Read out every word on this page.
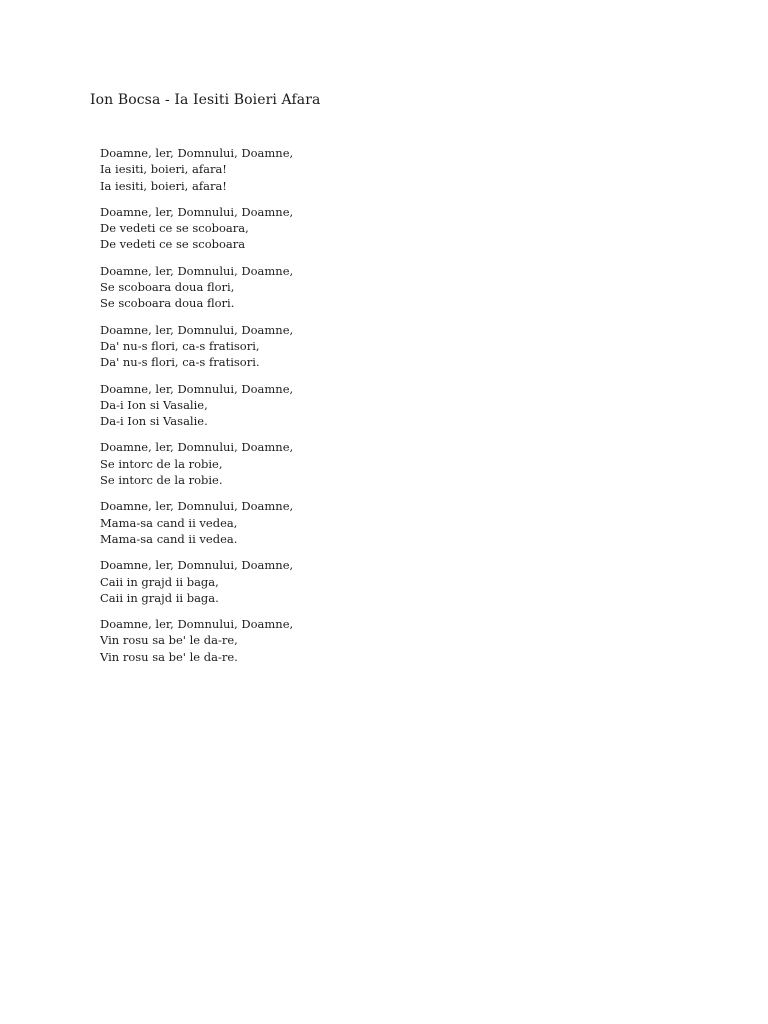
Ion Bocsa - Ia Iesiti Boieri Afara
Doamne, ler, Domnului, Doamne,
Ia iesiti, boieri, afara!
Ia iesiti, boieri, afara!
Doamne, ler, Domnului, Doamne,
De vedeti ce se scoboara,
De vedeti ce se scoboara
Doamne, ler, Domnului, Doamne,
Se scoboara doua flori,
Se scoboara doua flori.
Doamne, ler, Domnului, Doamne,
Da' nu-s flori, ca-s fratisori,
Da' nu-s flori, ca-s fratisori.
Doamne, ler, Domnului, Doamne,
Da-i Ion si Vasalie,
Da-i Ion si Vasalie.
Doamne, ler, Domnului, Doamne,
Se intorc de la robie,
Se intorc de la robie.
Doamne, ler, Domnului, Doamne,
Mama-sa cand ii vedea,
Mama-sa cand ii vedea.
Doamne, ler, Domnului, Doamne,
Caii in grajd ii baga,
Caii in grajd ii baga.
Doamne, ler, Domnului, Doamne,
Vin rosu sa be' le da-re,
Vin rosu sa be' le da-re.
